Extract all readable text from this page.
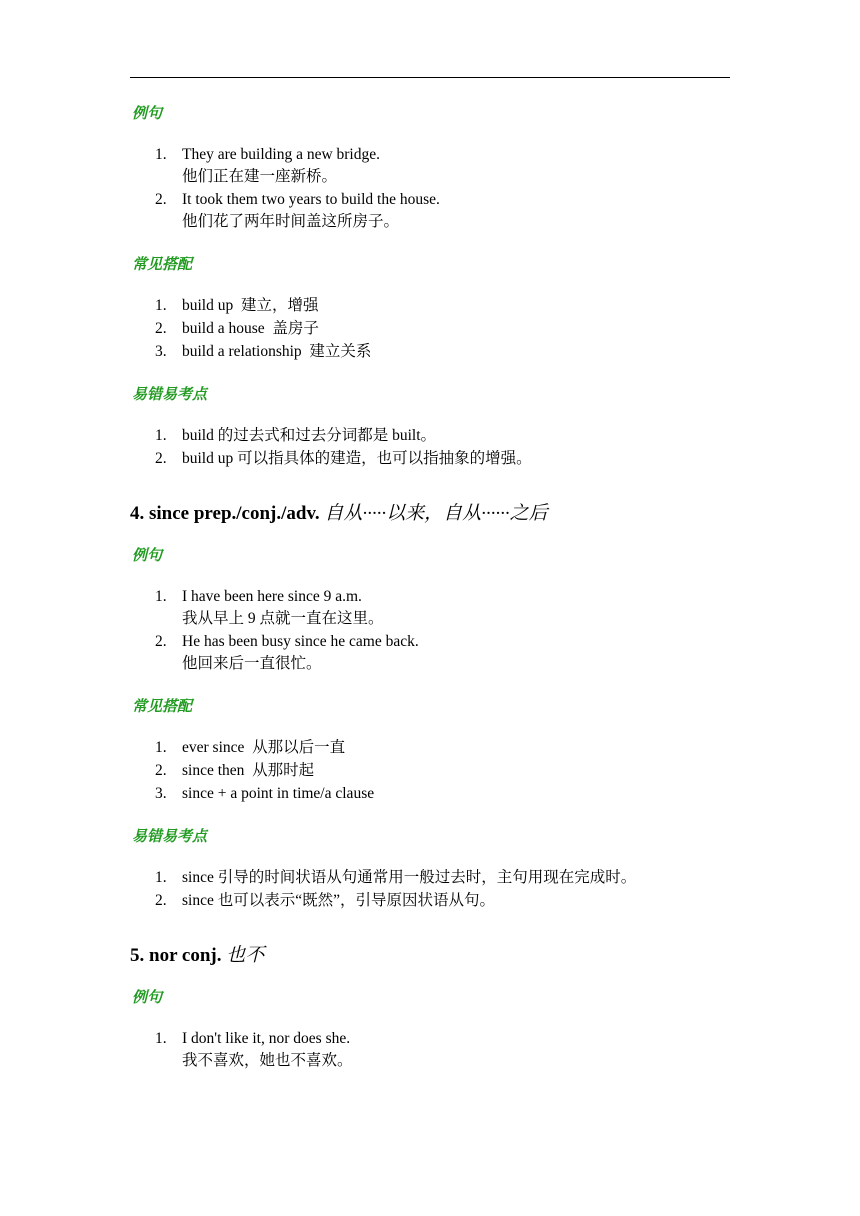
例句
1. They are building a new bridge.
他们正在建一座新桥。
2. It took them two years to build the house.
他们花了两年时间盖这所房子。
常见搭配
1. build up  建立，增强
2. build a house  盖房子
3. build a relationship  建立关系
易错易考点
1. build 的过去式和过去分词都是 built。
2. build up 可以指具体的建造，也可以指抽象的增强。
4. since prep./conj./adv. 自从·····以来，自从······之后
例句
1. I have been here since 9 a.m.
我从早上 9 点就一直在这里。
2. He has been busy since he came back.
他回来后一直很忙。
常见搭配
1. ever since  从那以后一直
2. since then  从那时起
3. since + a point in time/a clause
易错易考点
1. since 引导的时间状语从句通常用一般过去时，主句用现在完成时。
2. since 也可以表示“既然”，引导原因状语从句。
5. nor conj. 也不
例句
1. I don't like it, nor does she.
我不喜欢，她也不喜欢。
